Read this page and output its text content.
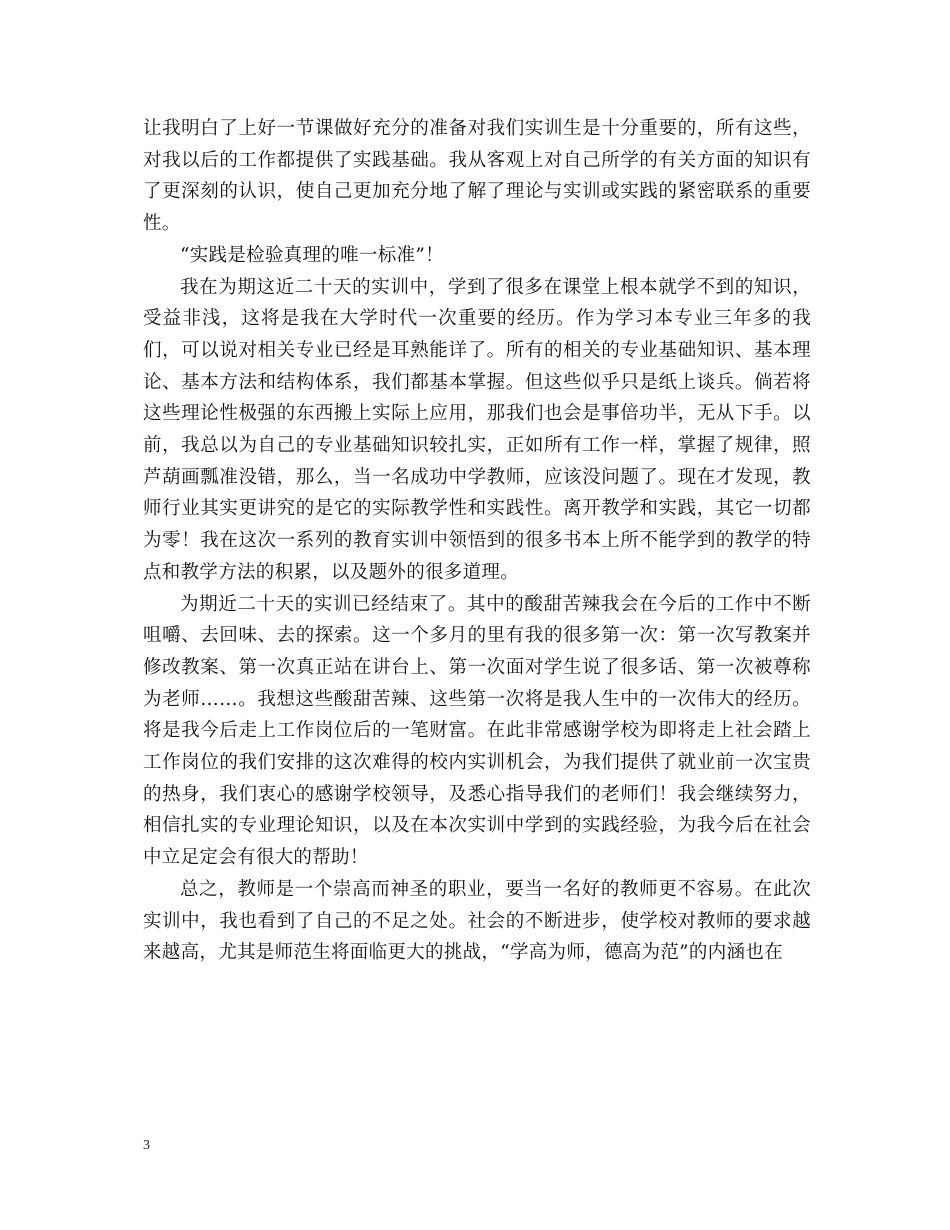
让我明白了上好一节课做好充分的准备对我们实训生是十分重要的，所有这些，对我以后的工作都提供了实践基础。我从客观上对自己所学的有关方面的知识有了更深刻的认识，使自己更加充分地了解了理论与实训或实践的紧密联系的重要性。

“实践是检验真理的唯一标准”！

我在为期这近二十天的实训中，学到了很多在课堂上根本就学不到的知识，受益非浅，这将是我在大学时代一次重要的经历。作为学习本专业三年多的我们，可以说对相关专业已经是耳熟能详了。所有的相关的专业基础知识、基本理论、基本方法和结构体系，我们都基本掌握。但这些似乎只是纸上谈兵。倘若将这些理论性极强的东西搬上实际上应用，那我们也会是事倍功半，无从下手。以前，我总以为自己的专业基础知识较扎实，正如所有工作一样，掌握了规律，照芦葫画瓢准没错，那么，当一名成功中学教师，应该没问题了。现在才发现，教师行业其实更讲究的是它的实际教学性和实践性。离开教学和实践，其它一切都为零！我在这次一系列的教育实训中领悟到的很多书本上所不能学到的教学的特点和教学方法的积累，以及题外的很多道理。

为期近二十天的实训已经结束了。其中的酸甜苦辣我会在今后的工作中不断咀嚼、去回味、去的探索。这一个多月的里有我的很多第一次：第一次写教案并修改教案、第一次真正站在讲台上、第一次面对学生说了很多话、第一次被尊称为老师……。我想这些酸甜苦辣、这些第一次将是我人生中的一次伟大的经历。将是我今后走上工作岗位后的一笔财富。在此非常感谢学校为即将走上社会踏上工作岗位的我们安排的这次难得的校内实训机会，为我们提供了就业前一次宝贵的热身，我们衷心的感谢学校领导，及悉心指导我们的老师们！我会继续努力，相信扎实的专业理论知识，以及在本次实训中学到的实践经验，为我今后在社会中立足定会有很大的帮助！

总之，教师是一个崇高而神圣的职业，要当一名好的教师更不容易。在此次实训中，我也看到了自己的不足之处。社会的不断进步，使学校对教师的要求越来越高，尤其是师范生将面临更大的挑战，“学高为师，德高为范”的内涵也在

3
